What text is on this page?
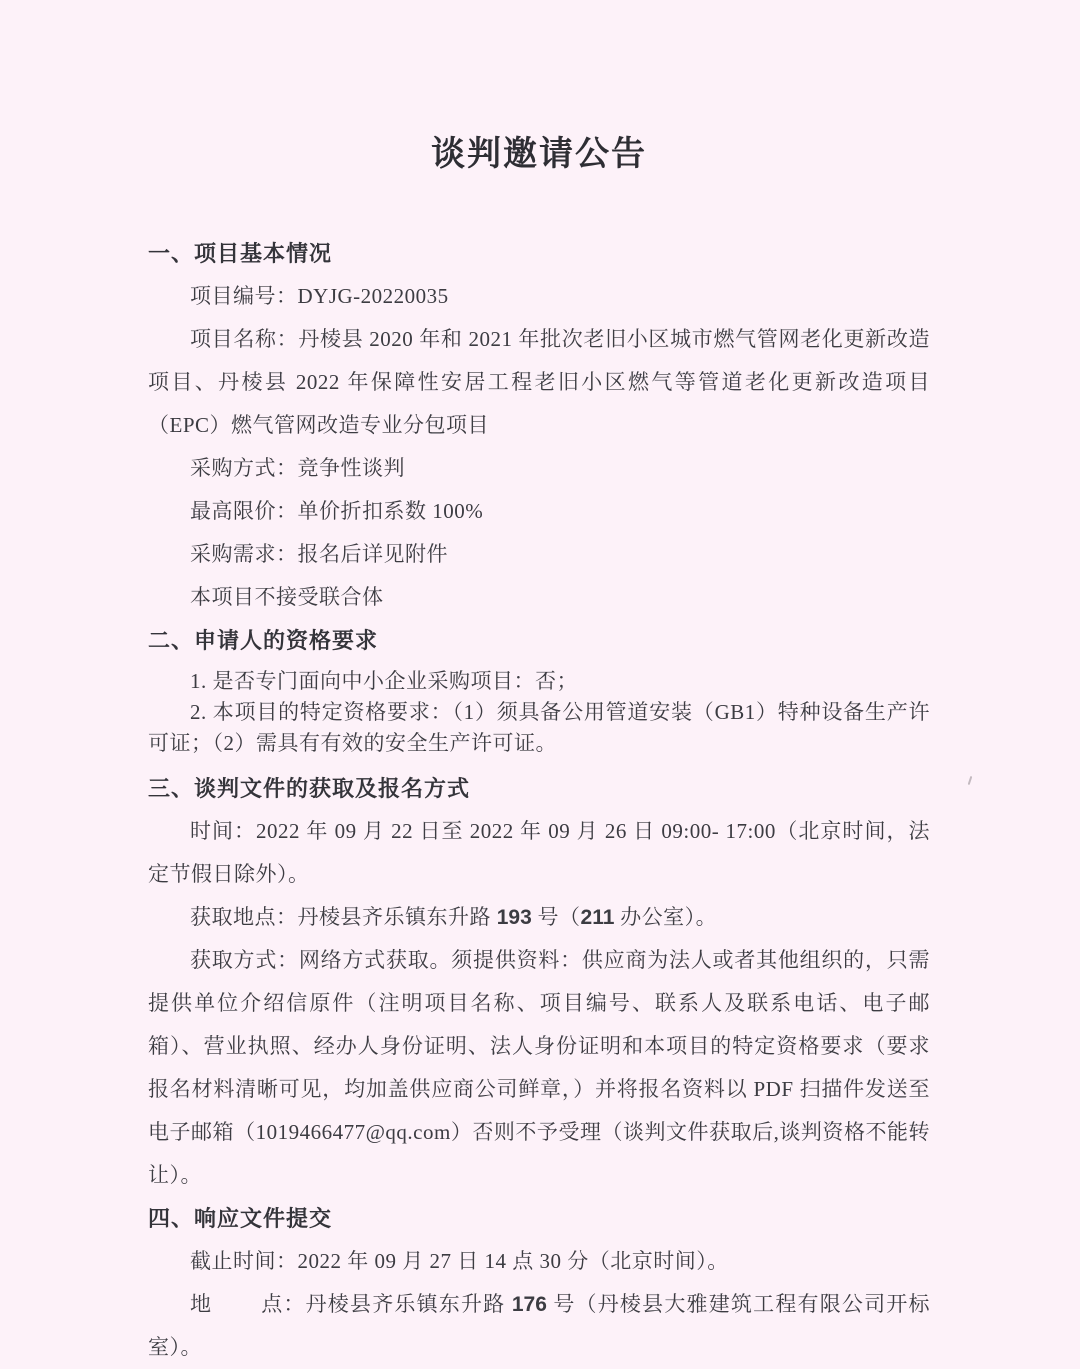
谈判邀请公告
一、项目基本情况

项目编号：DYJG-20220035

项目名称：丹棱县 2020 年和 2021 年批次老旧小区城市燃气管网老化更新改造项目、丹棱县 2022 年保障性安居工程老旧小区燃气等管道老化更新改造项目（EPC）燃气管网改造专业分包项目

采购方式：竞争性谈判

最高限价：单价折扣系数 100%

采购需求：报名后详见附件

本项目不接受联合体

二、申请人的资格要求

1. 是否专门面向中小企业采购项目：否；

2. 本项目的特定资格要求：（1）须具备公用管道安装（GB1）特种设备生产许可证；（2）需具有有效的安全生产许可证。

三、谈判文件的获取及报名方式

时间：2022 年 09 月 22 日至 2022 年 09 月 26 日 09:00- 17:00（北京时间，法定节假日除外）。

获取地点：丹棱县齐乐镇东升路 193 号（211 办公室）。

获取方式：网络方式获取。须提供资料：供应商为法人或者其他组织的，只需提供单位介绍信原件（注明项目名称、项目编号、联系人及联系电话、电子邮箱）、营业执照、经办人身份证明、法人身份证明和本项目的特定资格要求（要求报名材料清晰可见，均加盖供应商公司鲜章，）并将报名资料以 PDF 扫描件发送至电子邮箱（1019466477@qq.com）否则不予受理（谈判文件获取后,谈判资格不能转让）。

四、响应文件提交

截止时间：2022 年 09 月 27 日 14 点 30 分（北京时间）。

地 点：丹棱县齐乐镇东升路 176 号（丹棱县大雅建筑工程有限公司开标室）。
